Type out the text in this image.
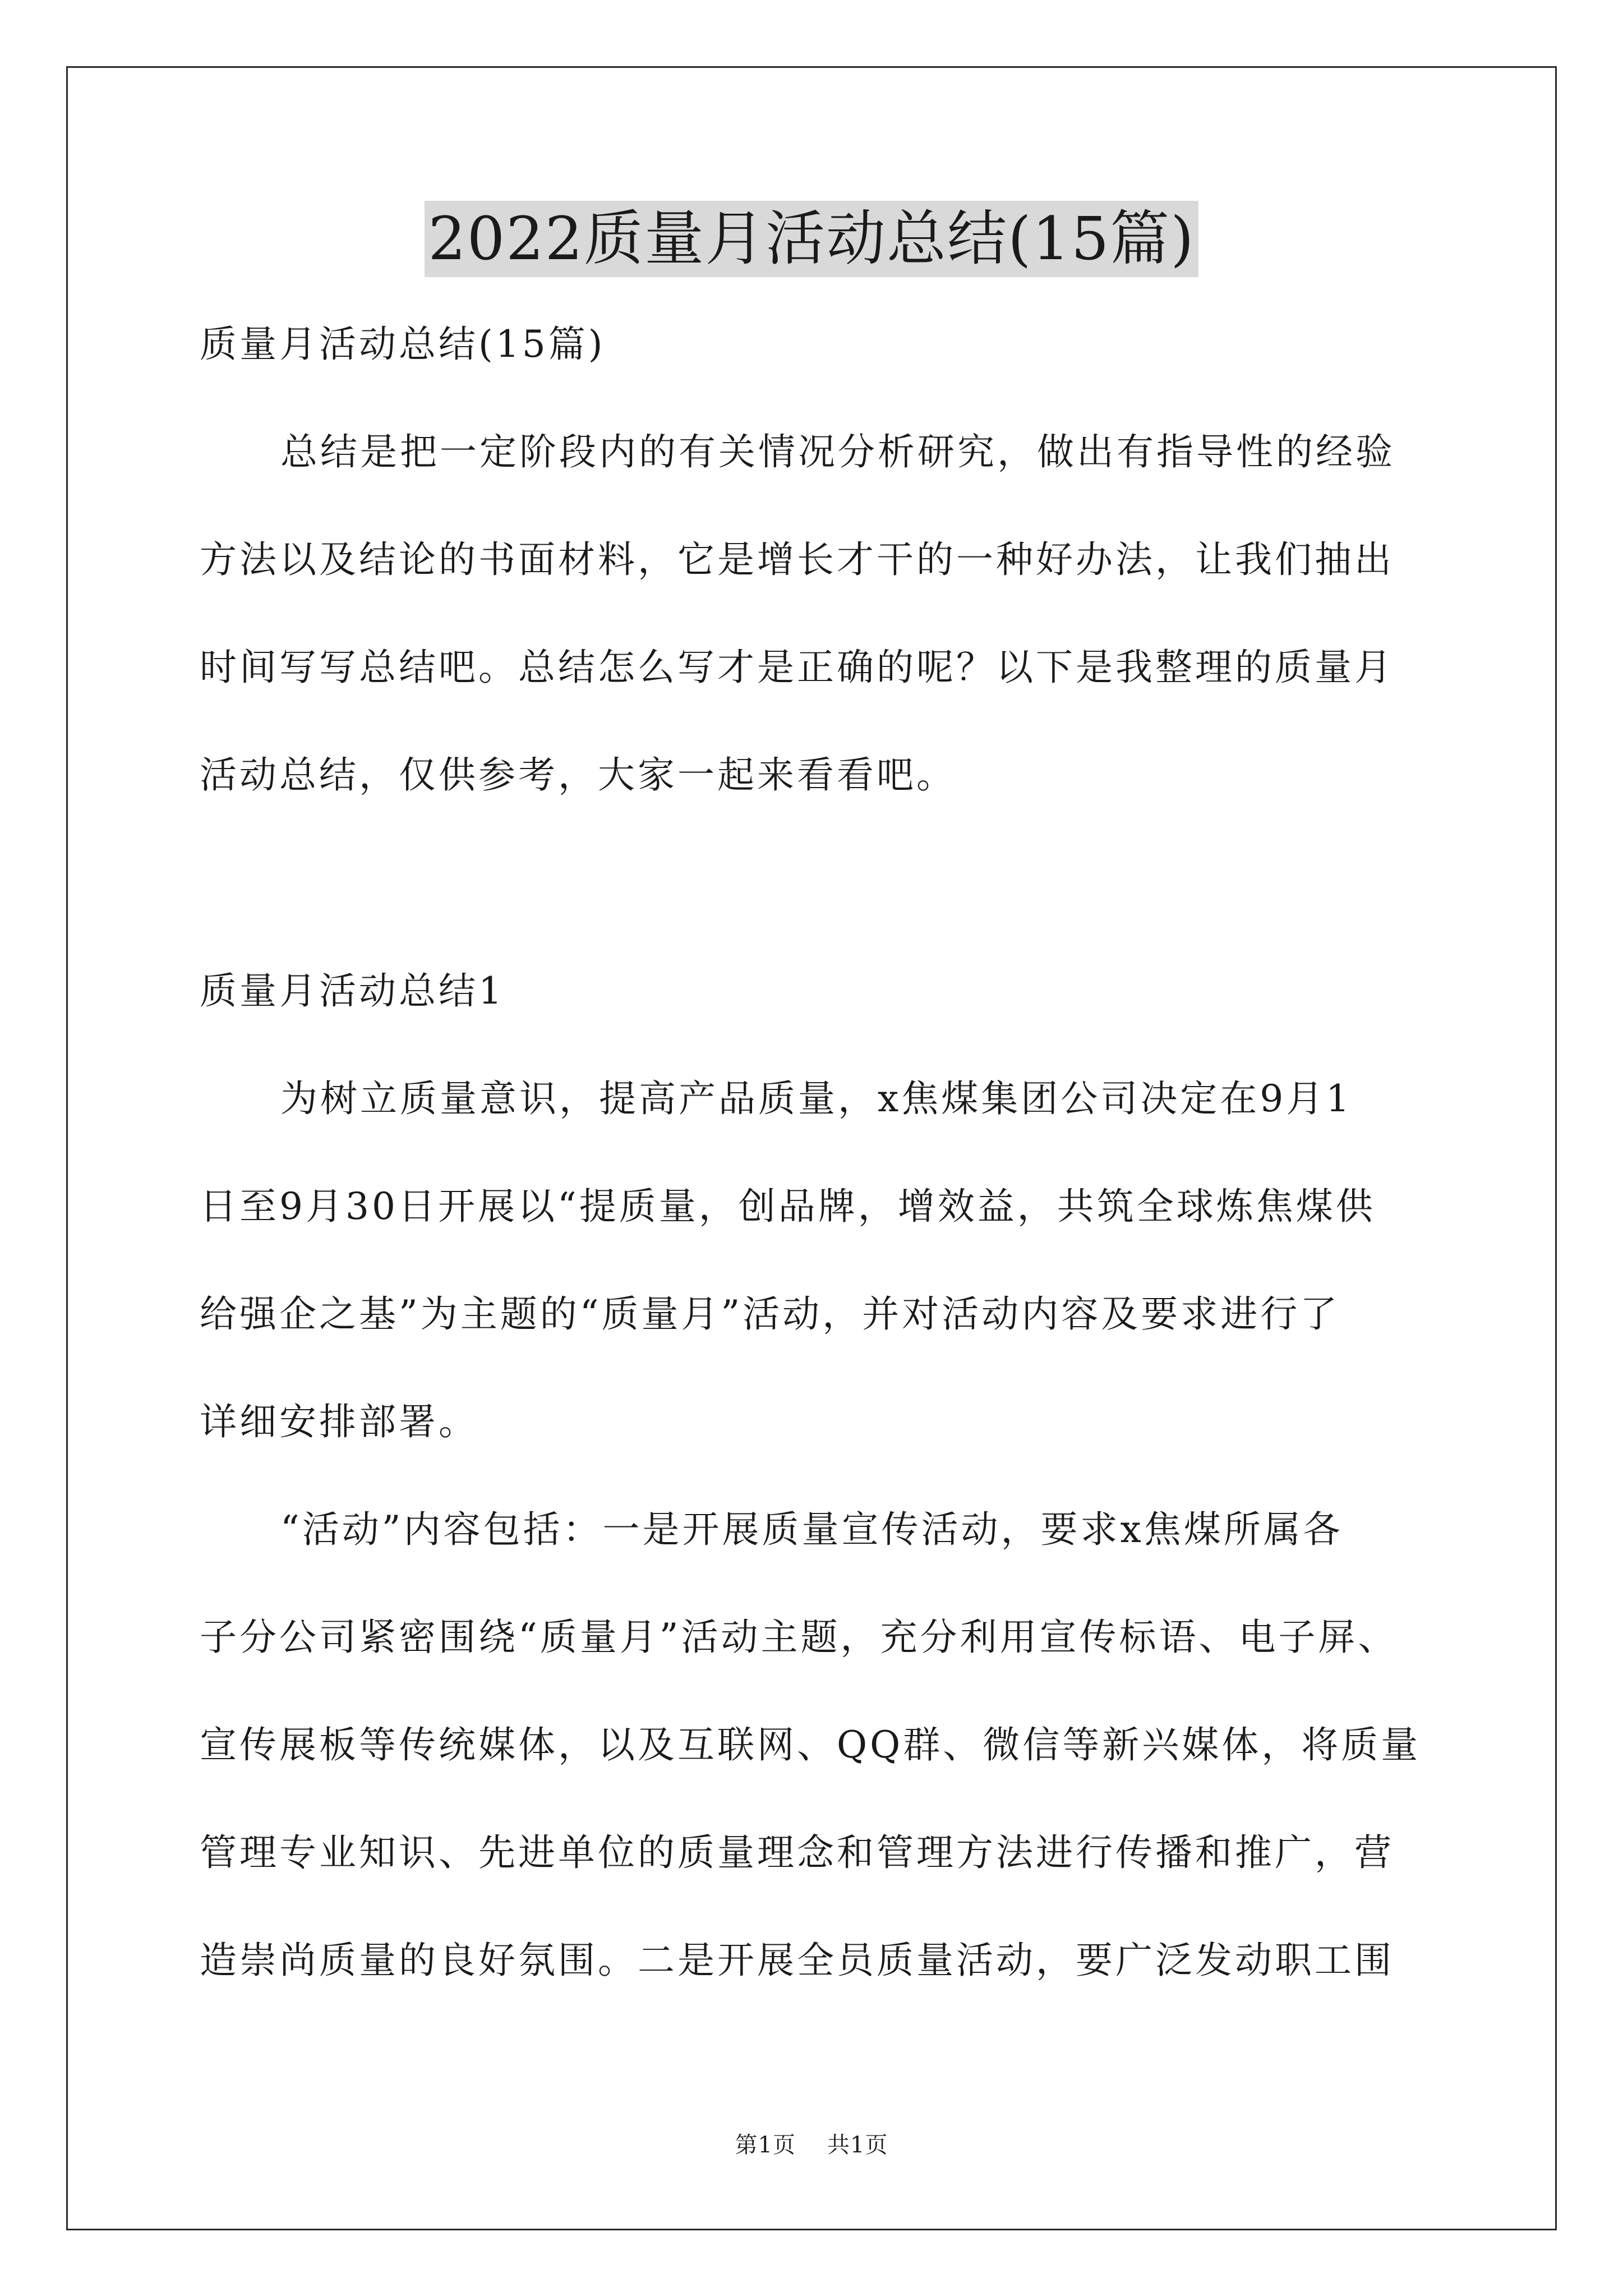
2022质量月活动总结(15篇)
质量月活动总结(15篇)
总结是把一定阶段内的有关情况分析研究，做出有指导性的经验
方法以及结论的书面材料，它是增长才干的一种好办法，让我们抽出
时间写写总结吧。总结怎么写才是正确的呢？以下是我整理的质量月
活动总结，仅供参考，大家一起来看看吧。
质量月活动总结1
为树立质量意识，提高产品质量，x焦煤集团公司决定在9月1
日至9月30日开展以“提质量，创品牌，增效益，共筑全球炼焦煤供
给强企之基”为主题的“质量月”活动，并对活动内容及要求进行了
详细安排部署。
“活动”内容包括：一是开展质量宣传活动，要求x焦煤所属各
子分公司紧密围绕“质量月”活动主题，充分利用宣传标语、电子屏、
宣传展板等传统媒体，以及互联网、QQ群、微信等新兴媒体，将质量
管理专业知识、先进单位的质量理念和管理方法进行传播和推广，营
造崇尚质量的良好氛围。二是开展全员质量活动，要广泛发动职工围
第1页 共1页
